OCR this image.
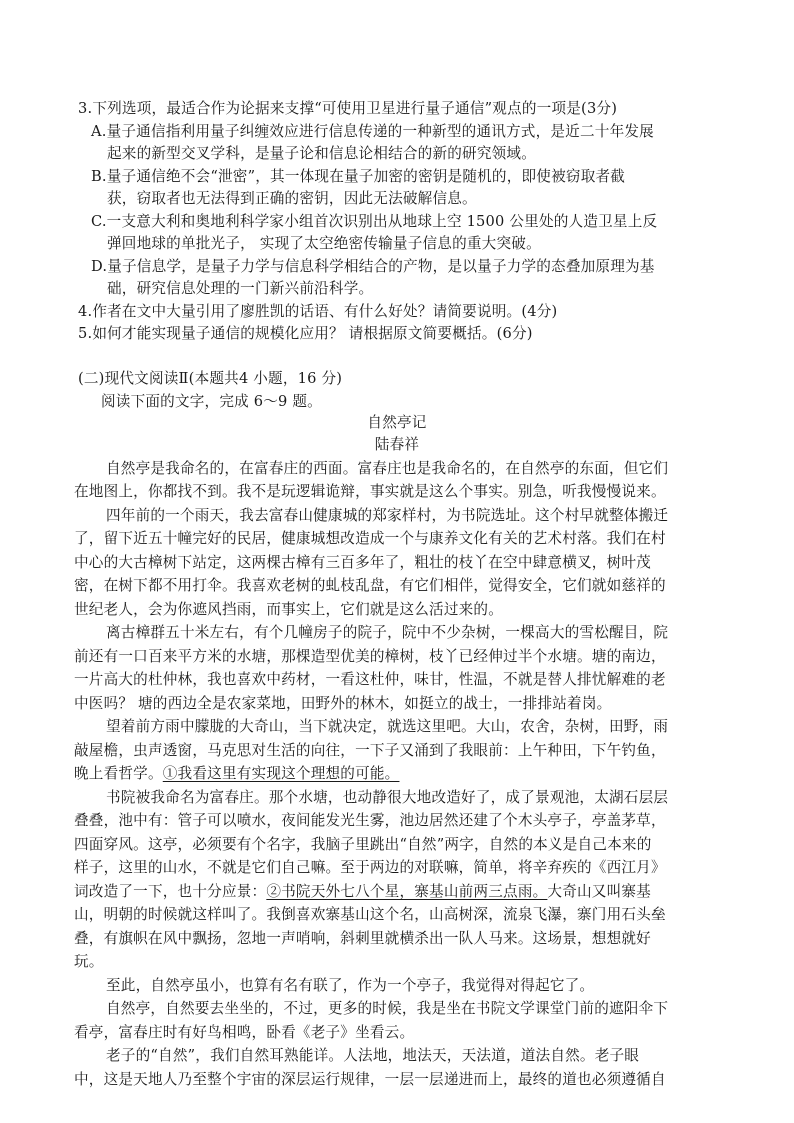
3.下列选项，最适合作为论据来支撑“可使用卫星进行量子通信”观点的一项是(3分)
A.量子通信指利用量子纠缠效应进行信息传递的一种新型的通讯方式，是近二十年发展
起来的新型交叉学科，是量子论和信息论相结合的新的研究领域。
B.量子通信绝不会“泄密”，其一体现在量子加密的密钥是随机的，即使被窃取者截
获，窃取者也无法得到正确的密钥，因此无法破解信息。
C.一支意大利和奥地利科学家小组首次识别出从地球上空 1500 公里处的人造卫星上反
弹回地球的单批光子， 实现了太空绝密传输量子信息的重大突破。
D.量子信息学，是量子力学与信息科学相结合的产物，是以量子力学的态叠加原理为基
础，研究信息处理的一门新兴前沿科学。
4.作者在文中大量引用了廖胜凯的话语、有什么好处？请简要说明。(4分)
5.如何才能实现量子通信的规模化应用？ 请根据原文简要概括。(6分)
(二)现代文阅读Ⅱ(本题共4 小题，16 分)
阅读下面的文字，完成 6～9 题。
自然亭记
陆春祥
自然亭是我命名的，在富春庄的西面。富春庄也是我命名的，在自然亭的东面，但它们
在地图上，你都找不到。我不是玩逻辑诡辩，事实就是这么个事实。别急，听我慢慢说来。
四年前的一个雨天，我去富春山健康城的郑家样村，为书院选址。这个村早就整体搬迁
了，留下近五十幢完好的民居，健康城想改造成一个与康养文化有关的艺术村落。我们在村
中心的大古樟树下站定，这两棵古樟有三百多年了，粗壮的枝丫在空中肆意横叉，树叶茂
密，在树下都不用打伞。我喜欢老树的虬枝乱盘，有它们相伴，觉得安全，它们就如慈祥的
世纪老人，会为你遮风挡雨，而事实上，它们就是这么活过来的。
离古樟群五十米左右，有个几幢房子的院子，院中不少杂树，一棵高大的雪松醒目，院
前还有一口百来平方米的水塘，那棵造型优美的樟树，枝丫已经伸过半个水塘。塘的南边，
一片高大的杜仲林，我也喜欢中药材，一看这杜仲，味甘，性温，不就是替人排忧解难的老
中医吗？ 塘的西边全是农家菜地，田野外的林木，如挺立的战士，一排排站着岗。
望着前方雨中朦胧的大奇山，当下就决定，就选这里吧。大山，农舍，杂树，田野，雨
敲屋檐，虫声透窗，马克思对生活的向往，一下子又涌到了我眼前：上午种田，下午钓鱼，
晚上看哲学。①我看这里有实现这个理想的可能。
书院被我命名为富春庄。那个水塘，也动静很大地改造好了，成了景观池，太湖石层层
叠叠，池中有：管子可以喷水，夜间能发光生雾，池边居然还建了个木头亭子，亭盖茅草，
四面穿风。这亭，必须要有个名字，我脑子里跳出“自然”两字，自然的本义是自己本来的
样子，这里的山水，不就是它们自己嘛。至于两边的对联嘛，简单，将辛弃疾的《西江月》
词改造了一下，也十分应景：②书院天外七八个星，寨基山前两三点雨。大奇山又叫寨基
山，明朝的时候就这样叫了。我倒喜欢寨基山这个名，山高树深，流泉飞瀑，寨门用石头垒
叠，有旗帜在风中飘扬，忽地一声哨响，斜刺里就横杀出一队人马来。这场景，想想就好
玩。
至此，自然亭虽小，也算有名有联了，作为一个亭子，我觉得对得起它了。
自然亭，自然要去坐坐的，不过，更多的时候，我是坐在书院文学课堂门前的遮阳伞下
看亭，富春庄时有好鸟相鸣，卧看《老子》坐看云。
老子的“自然”，我们自然耳熟能详。人法地，地法天，天法道，道法自然。老子眼
中，这是天地人乃至整个宇宙的深层运行规律，一层一层递进而上，最终的道也必须遵循自
